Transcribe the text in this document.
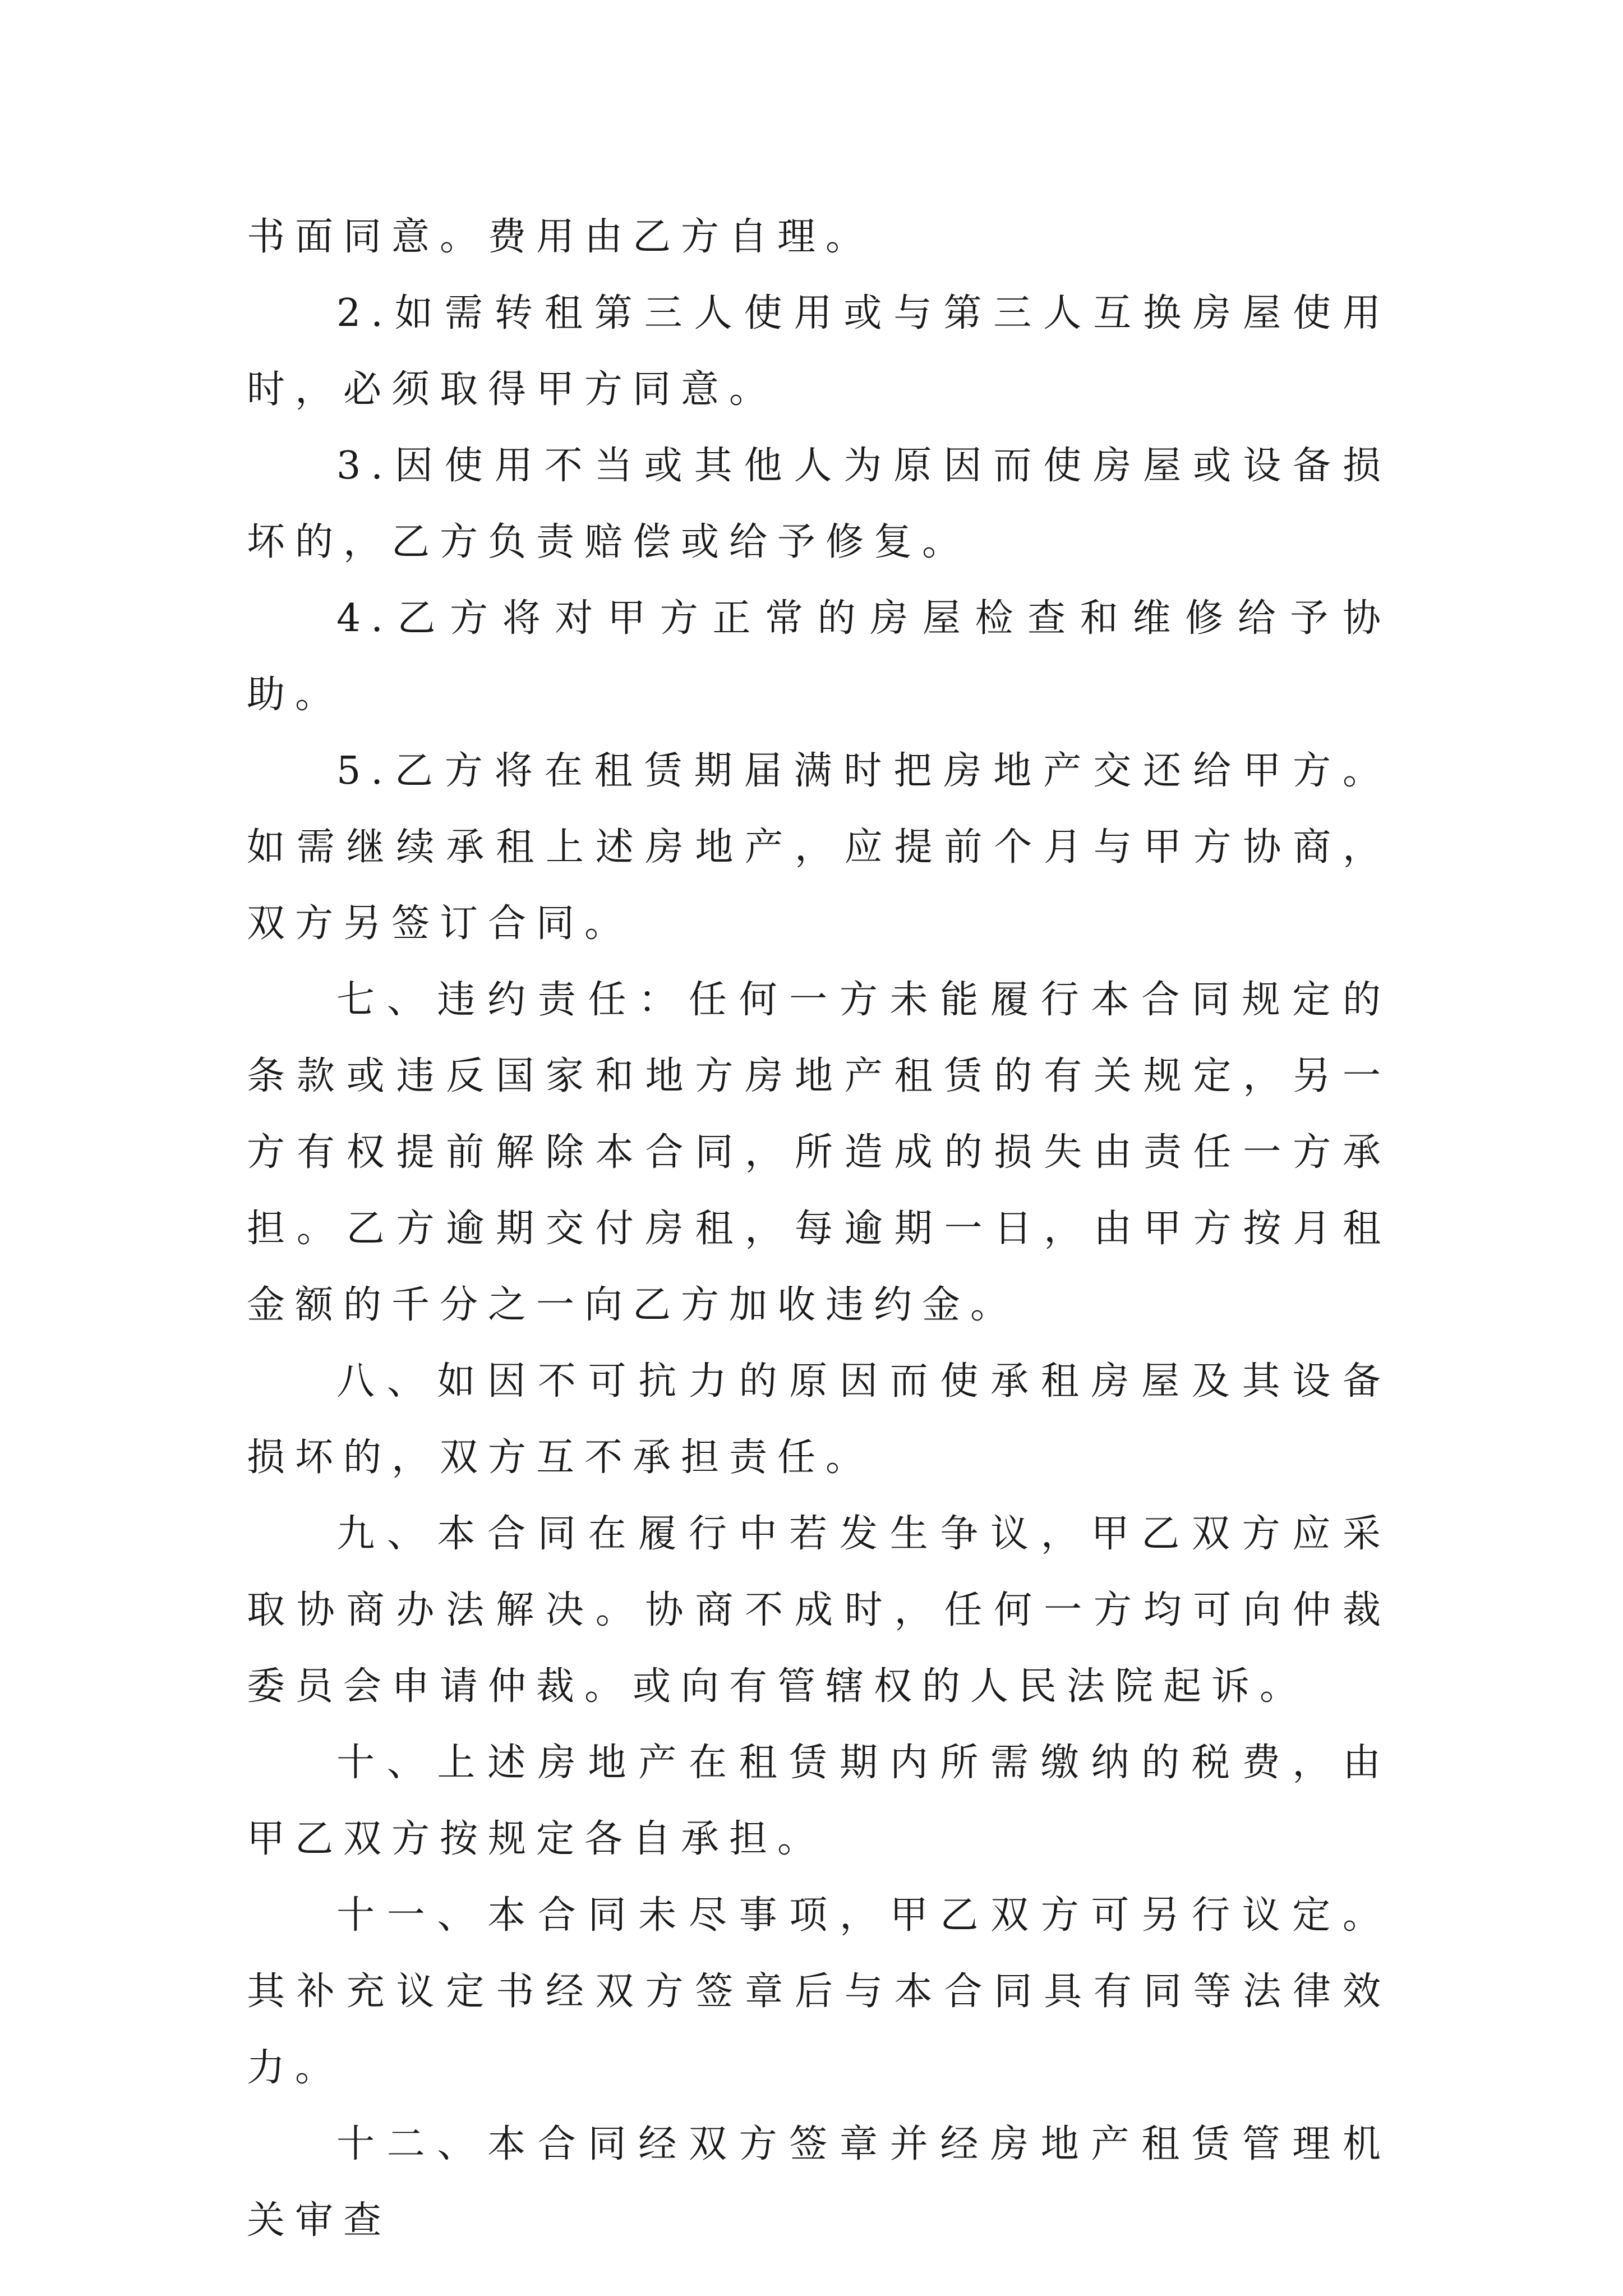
书面同意。费用由乙方自理。

2.如需转租第三人使用或与第三人互换房屋使用时，必须取得甲方同意。

3.因使用不当或其他人为原因而使房屋或设备损坏的，乙方负责赔偿或给予修复。

4.乙方将对甲方正常的房屋检查和维修给予协助。

5.乙方将在租赁期届满时把房地产交还给甲方。如需继续承租上述房地产，应提前个月与甲方协商，双方另签订合同。

七、违约责任：任何一方未能履行本合同规定的条款或违反国家和地方房地产租赁的有关规定，另一方有权提前解除本合同，所造成的损失由责任一方承担。乙方逾期交付房租，每逾期一日，由甲方按月租金额的千分之一向乙方加收违约金。

八、如因不可抗力的原因而使承租房屋及其设备损坏的，双方互不承担责任。

九、本合同在履行中若发生争议，甲乙双方应采取协商办法解决。协商不成时，任何一方均可向仲裁委员会申请仲裁。或向有管辖权的人民法院起诉。

十、上述房地产在租赁期内所需缴纳的税费，由甲乙双方按规定各自承担。

十一、本合同未尽事项，甲乙双方可另行议定。其补充议定书经双方签章后与本合同具有同等法律效力。

十二、本合同经双方签章并经房地产租赁管理机关审查
